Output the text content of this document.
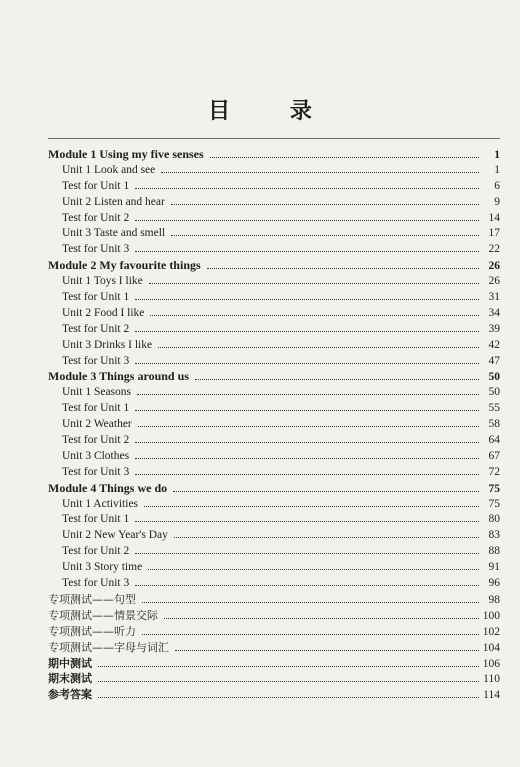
目 录
Module 1 Using my five senses	1
Unit 1 Look and see	1
Test for Unit 1	6
Unit 2 Listen and hear	9
Test for Unit 2	14
Unit 3 Taste and smell	17
Test for Unit 3	22
Module 2 My favourite things	26
Unit 1 Toys I like	26
Test for Unit 1	31
Unit 2 Food I like	34
Test for Unit 2	39
Unit 3 Drinks I like	42
Test for Unit 3	47
Module 3 Things around us	50
Unit 1 Seasons	50
Test for Unit 1	55
Unit 2 Weather	58
Test for Unit 2	64
Unit 3 Clothes	67
Test for Unit 3	72
Module 4 Things we do	75
Unit 1 Activities	75
Test for Unit 1	80
Unit 2 New Year's Day	83
Test for Unit 2	88
Unit 3 Story time	91
Test for Unit 3	96
专项测试——句型	98
专项测试——情景交际	100
专项测试——听力	102
专项测试——字母与词汇	104
期中测试	106
期末测试	110
参考答案	114
